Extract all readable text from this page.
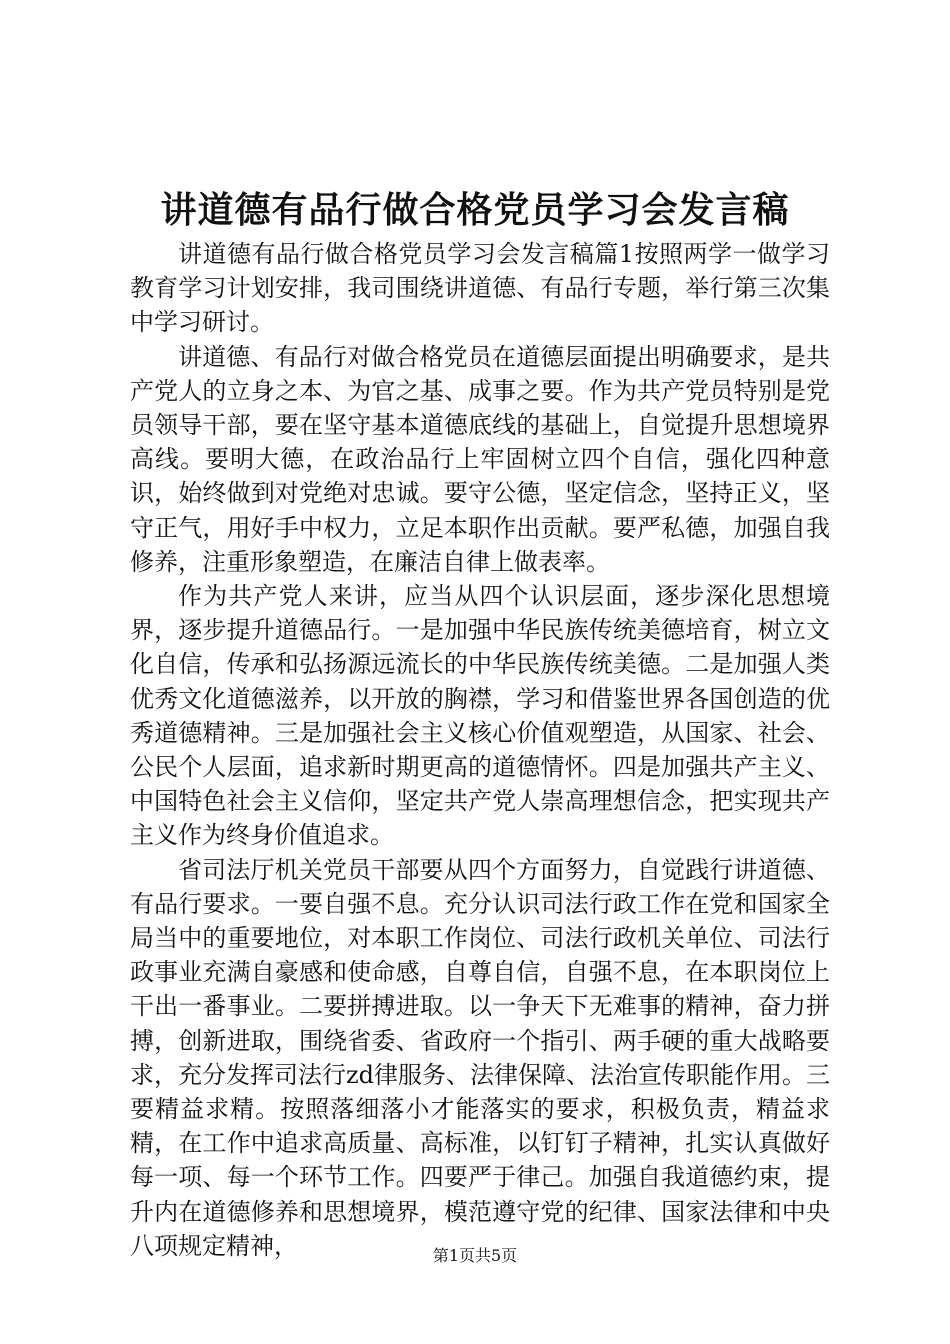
讲道德有品行做合格党员学习会发言稿

讲道德有品行做合格党员学习会发言稿篇1按照两学一做学习教育学习计划安排，我司围绕讲道德、有品行专题，举行第三次集中学习研讨。

讲道德、有品行对做合格党员在道德层面提出明确要求，是共产党人的立身之本、为官之基、成事之要。作为共产党员特别是党员领导干部，要在坚守基本道德底线的基础上，自觉提升思想境界高线。要明大德，在政治品行上牢固树立四个自信，强化四种意识，始终做到对党绝对忠诚。要守公德，坚定信念，坚持正义，坚守正气，用好手中权力，立足本职作出贡献。要严私德，加强自我修养，注重形象塑造，在廉洁自律上做表率。

作为共产党人来讲，应当从四个认识层面，逐步深化思想境界，逐步提升道德品行。一是加强中华民族传统美德培育，树立文化自信，传承和弘扬源远流长的中华民族传统美德。二是加强人类优秀文化道德滋养，以开放的胸襟，学习和借鉴世界各国创造的优秀道德精神。三是加强社会主义核心价值观塑造，从国家、社会、公民个人层面，追求新时期更高的道德情怀。四是加强共产主义、中国特色社会主义信仰，坚定共产党人崇高理想信念，把实现共产主义作为终身价值追求。

省司法厅机关党员干部要从四个方面努力，自觉践行讲道德、有品行要求。一要自强不息。充分认识司法行政工作在党和国家全局当中的重要地位，对本职工作岗位、司法行政机关单位、司法行政事业充满自豪感和使命感，自尊自信，自强不息，在本职岗位上干出一番事业。二要拼搏进取。以一争天下无难事的精神，奋力拼搏，创新进取，围绕省委、省政府一个指引、两手硬的重大战略要求，充分发挥司法行zd律服务、法律保障、法治宣传职能作用。三要精益求精。按照落细落小才能落实的要求，积极负责，精益求精，在工作中追求高质量、高标准，以钉钉子精神，扎实认真做好每一项、每一个环节工作。四要严于律己。加强自我道德约束，提升内在道德修养和思想境界，模范遵守党的纪律、国家法律和中央八项规定精神，	第1页共5页
